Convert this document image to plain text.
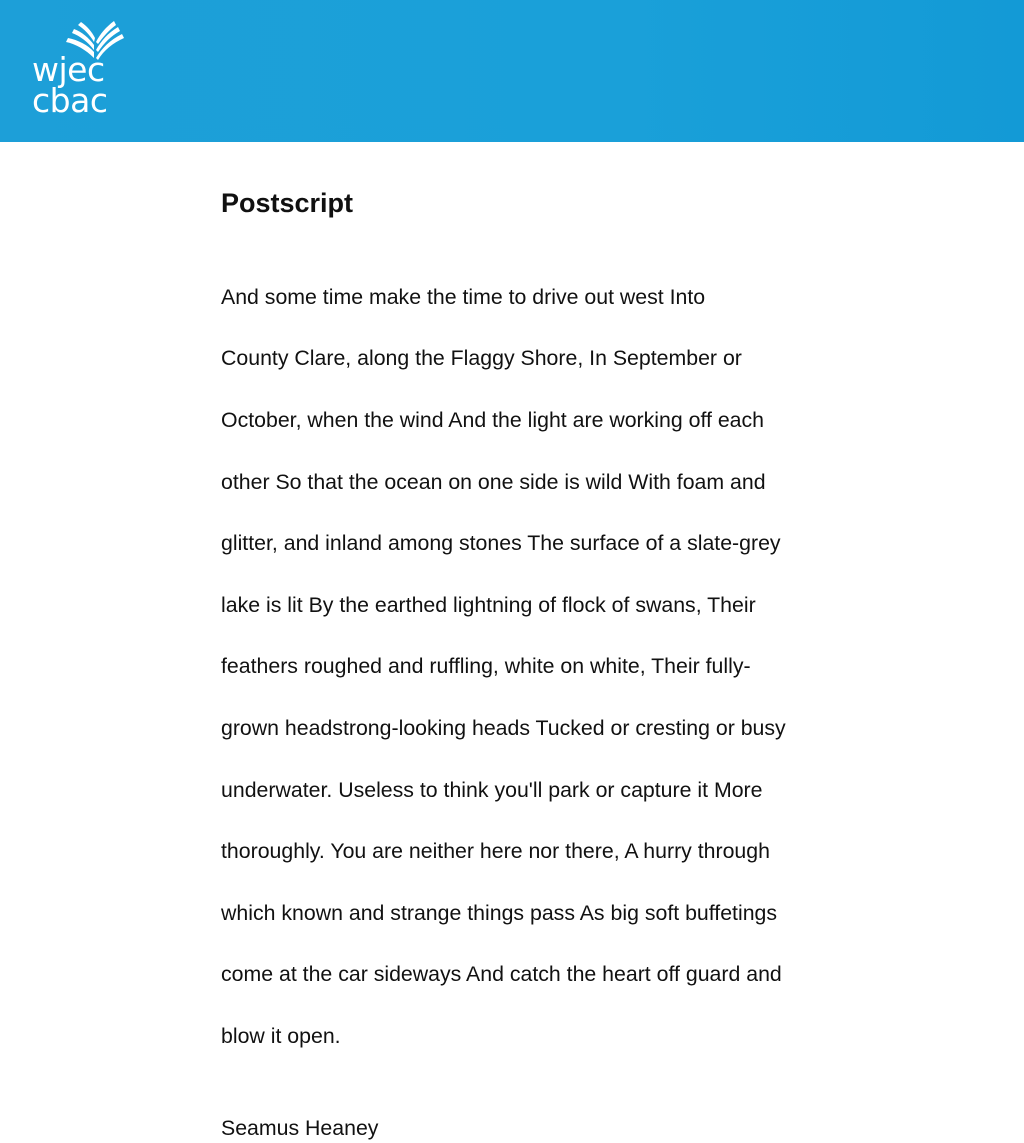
wjec
cbac
Postscript

And some time make the time to drive out west Into

County Clare, along the Flaggy Shore, In September or

October, when the wind And the light are working off each

other So that the ocean on one side is wild With foam and

glitter, and inland among stones The surface of a slate-grey

lake is lit By the earthed lightning of flock of swans, Their

feathers roughed and ruffling, white on white, Their fully-

grown headstrong-looking heads Tucked or cresting or busy

underwater. Useless to think you'll park or capture it More

thoroughly. You are neither here nor there, A hurry through

which known and strange things pass As big soft buffetings

come at the car sideways And catch the heart off guard and

blow it open.

Seamus Heaney
